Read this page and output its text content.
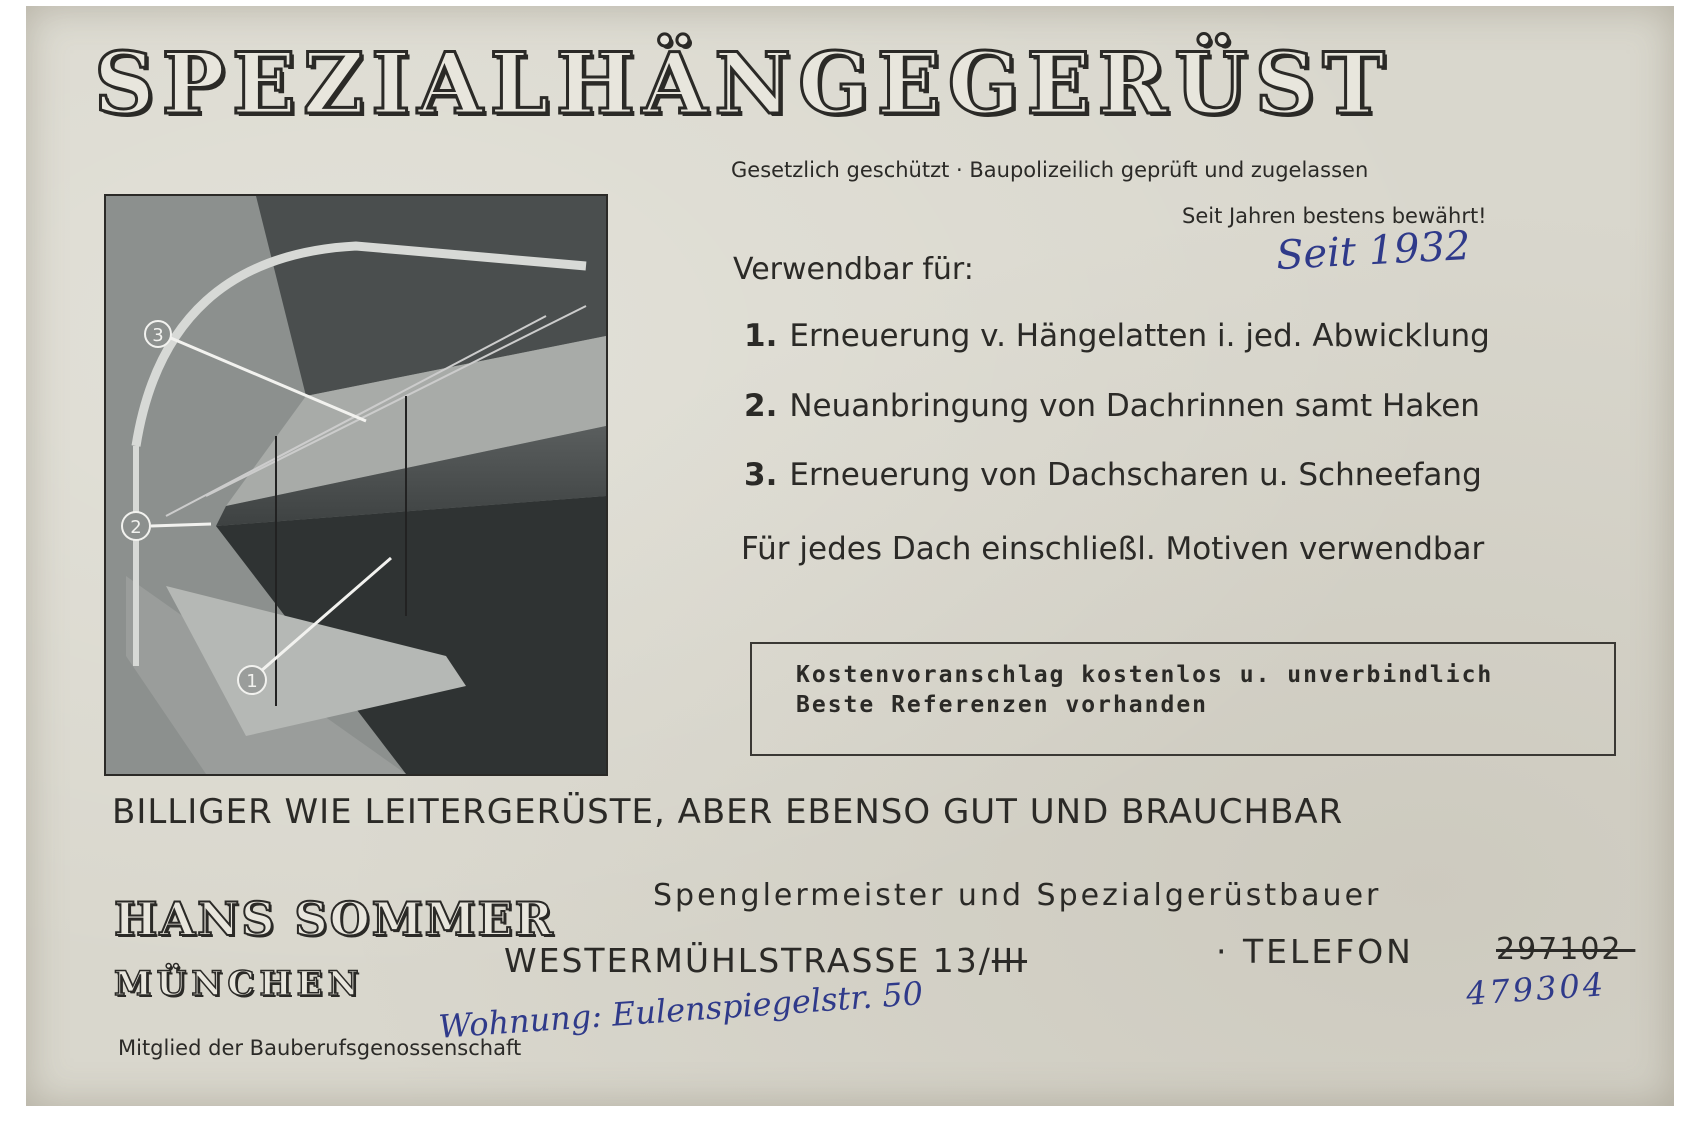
SPEZIALHÄNGEGERÜST
3
2
1
Gesetzlich geschützt · Baupolizeilich geprüft und zugelassen
Seit Jahren bestens bewährt!
Seit 1932
Verwendbar für:
1. Erneuerung v. Hängelatten i. jed. Abwicklung
2. Neuanbringung von Dachrinnen samt Haken
3. Erneuerung von Dachscharen u. Schneefang
Für jedes Dach einschließl. Motiven verwendbar
Kostenvoranschlag kostenlos u. unverbindlich
Beste Referenzen vorhanden
BILLIGER WIE LEITERGERÜSTE, ABER EBENSO GUT UND BRAUCHBAR
HANS SOMMER	Spenglermeister und Spezialgerüstbauer
MÜNCHEN
WESTERMÜHLSTRASSE 13/III	· TELEFON	297102-
479304
Wohnung: Eulenspiegelstr. 50
Mitglied der Bauberufsgenossenschaft
